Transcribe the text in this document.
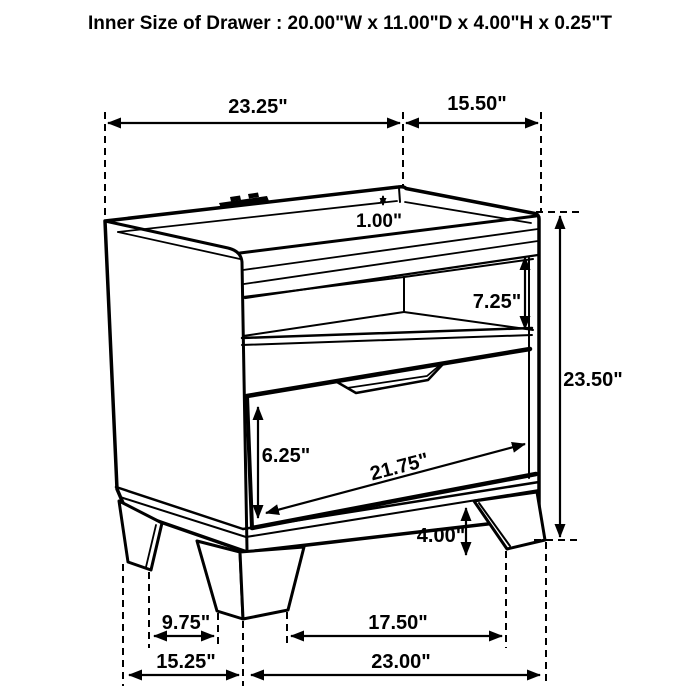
Inner Size of Drawer : 20.00"W x 11.00"D x 4.00"H x 0.25"T
23.25"	15.50"
1.00"
7.25"
23.50"
6.25"	21.75"
4.00"
9.75"	17.50"
15.25"	23.00"
